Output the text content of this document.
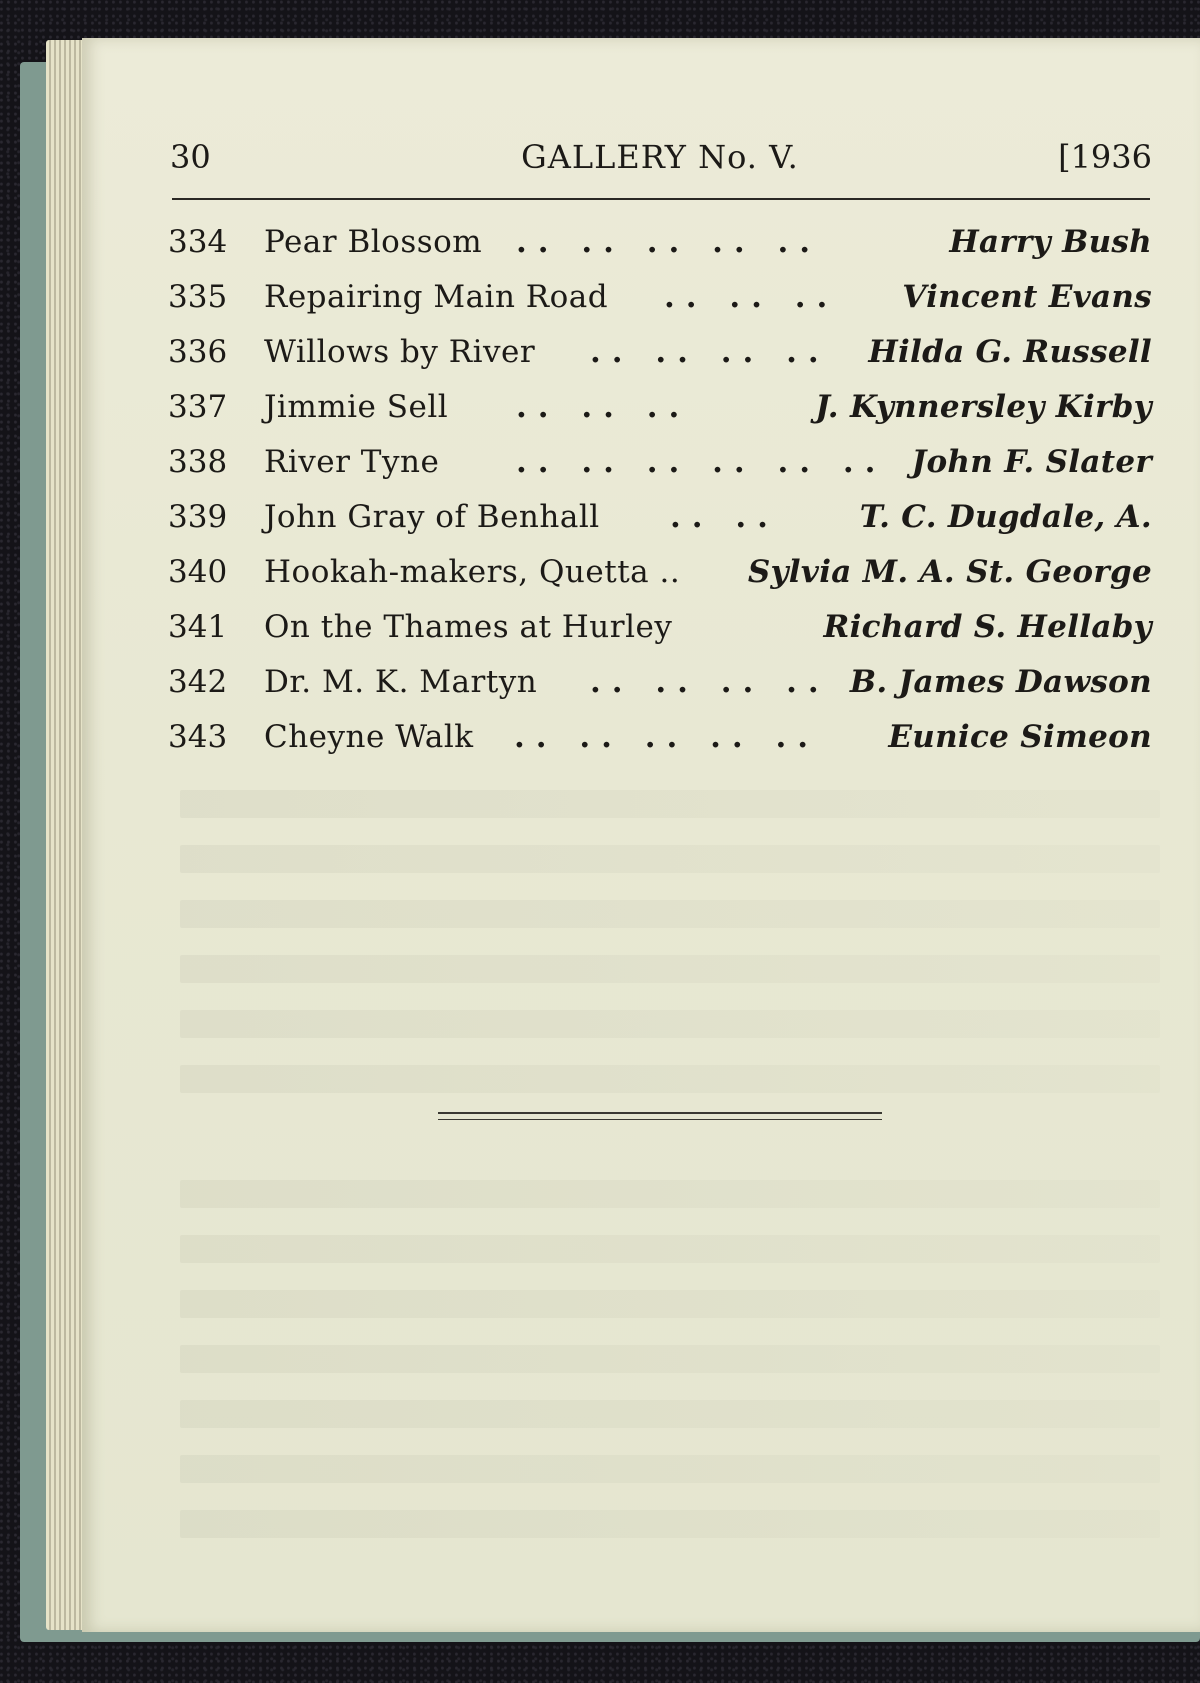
30	GALLERY No. V.	[1936
334 Pear Blossom .. .. .. .. ..	Harry Bush
335 Repairing Main Road .. .. .. Vincent Evans
336 Willows by River .. .. .. .. Hilda G. Russell
337 Jimmie Sell .. .. ..	J. Kynnersley Kirby
338 River Tyne .. .. .. .. .. .. John F. Slater
339 John Gray of Benhall .. ..	T. C. Dugdale, A.
340 Hookah-makers, Quetta .. Sylvia M. A. St. George
341 On the Thames at Hurley	Richard S. Hellaby
342 Dr. M. K. Martyn .. .. .. .. B. James Dawson
343 Cheyne Walk .. .. .. .. .. Eunice Simeon
